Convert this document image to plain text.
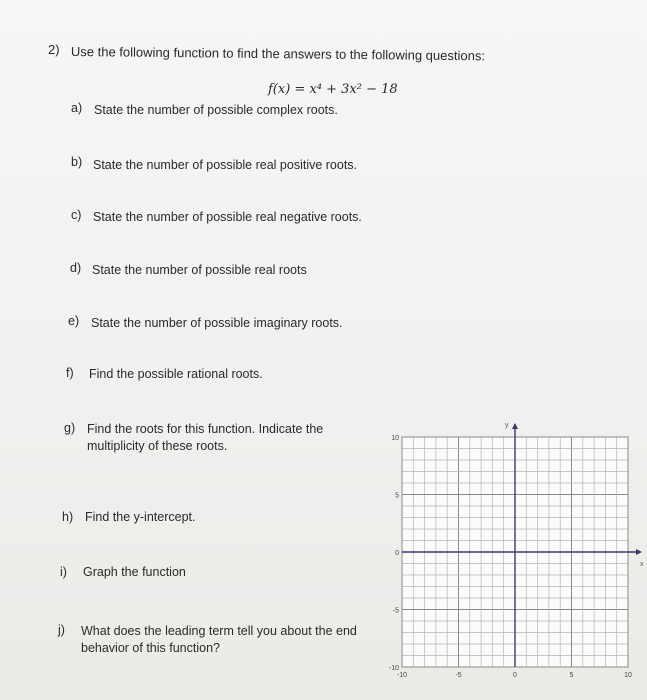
2) Use the following function to find the answers to the following questions:
f(x) = x⁴ + 3x² − 18
a) State the number of possible complex roots.
b) State the number of possible real positive roots.
c) State the number of possible real negative roots.
d) State the number of possible real roots
e) State the number of possible imaginary roots.
f) Find the possible rational roots.
g) Find the roots for this function. Indicate the multiplicity of these roots.
h) Find the y-intercept.
i) Graph the function
j) What does the leading term tell you about the end behavior of this function?
x
y
-10	-5	0	5	10
10
5
0
-5
-10
